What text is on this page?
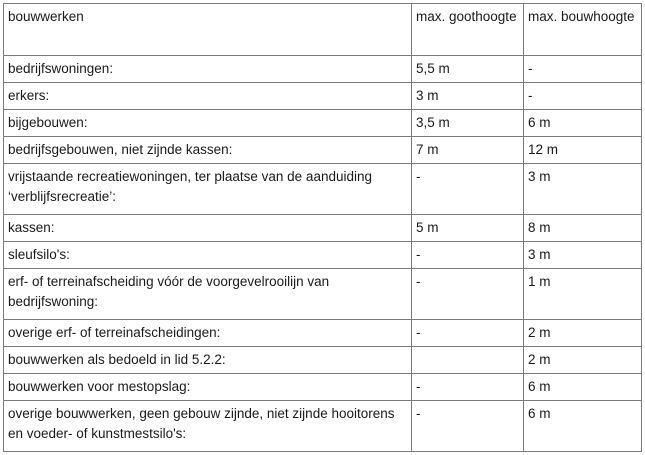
bouwwerken	max. goothoogte	max. bouwhoogte
bedrijfswoningen:	5,5 m	-
erkers:	3 m	-
bijgebouwen:	3,5 m	6 m
bedrijfsgebouwen, niet zijnde kassen:	7 m	12 m
vrijstaande recreatiewoningen, ter plaatse van de aanduiding ‘verblijfsrecreatie’:	-	3 m
kassen:	5 m	8 m
sleufsilo's:	-	3 m
erf- of terreinafscheiding vóór de voorgevelrooilijn van bedrijfswoning:	-	1 m
overige erf- of terreinafscheidingen:	-	2 m
bouwwerken als bedoeld in lid 5.2.2:		2 m
bouwwerken voor mestopslag:	-	6 m
overige bouwwerken, geen gebouw zijnde, niet zijnde hooitorens en voeder- of kunstmestsilo's:	-	6 m
